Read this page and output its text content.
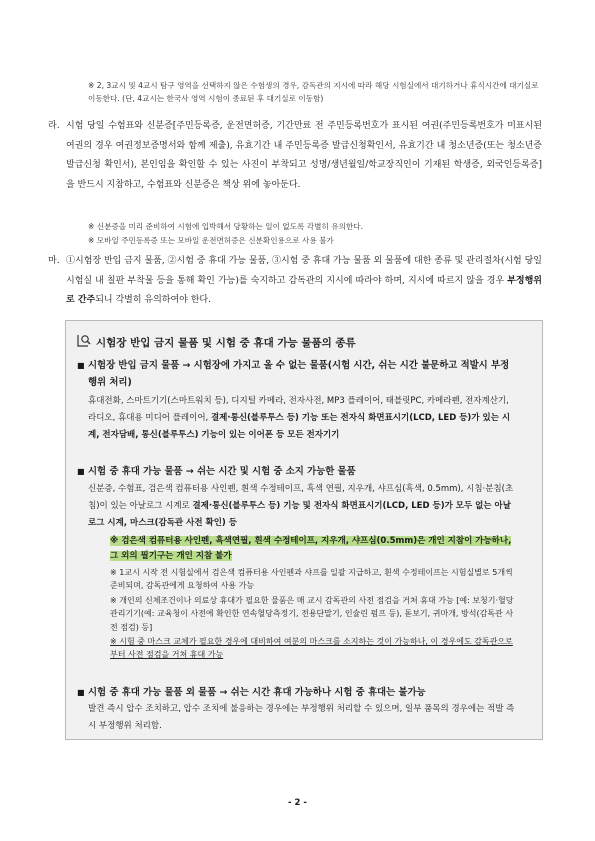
※ 2, 3교시 및 4교시 탐구 영역을 선택하지 않은 수험생의 경우, 감독관의 지시에 따라 해당 시험실에서 대기하거나 휴식시간에 대기실로 이동한다. (단, 4교시는 한국사 영역 시험이 종료된 후 대기실로 이동함)

라. 시험 당일 수험표와 신분증[주민등록증, 운전면허증, 기간만료 전 주민등록번호가 표시된 여권(주민등록번호가 미표시된 여권의 경우 여권정보증명서와 함께 제출), 유효기간 내 주민등록증 발급신청확인서, 유효기간 내 청소년증(또는 청소년증 발급신청 확인서), 본인임을 확인할 수 있는 사진이 부착되고 성명/생년월일/학교장직인이 기재된 학생증, 외국인등록증]을 반드시 지참하고, 수험표와 신분증은 책상 위에 놓아둔다.

※ 신분증을 미리 준비하여 시험에 입박해서 당황하는 일이 없도록 각별히 유의한다.

※ 모바일 주민등록증 또는 모바일 운전면허증은 신분확인용으로 사용 불가

마. ①시험장 반입 금지 물품, ②시험 중 휴대 가능 물품, ③시험 중 휴대 가능 물품 외 물품에 대한 종류 및 관리절차(시험 당일 시험실 내 칠판 부착물 등을 통해 확인 가능)를 숙지하고 감독관의 지시에 따라야 하며, 지시에 따르지 않을 경우 부정행위로 간주되니 각별히 유의하여야 한다.
시험장 반입 금지 물품 및 시험 중 휴대 가능 물품의 종류

■ 시험장 반입 금지 물품 → 시험장에 가지고 올 수 없는 물품(시험 시간, 쉬는 시간 불문하고 적발시 부정행위 처리)

휴대전화, 스마트기기(스마트워치 등), 디지털 카메라, 전자사전, MP3 플레이어, 태블릿PC, 카메라펜, 전자계산기, 라디오, 휴대용 미디어 플레이어, 결제·통신(블루투스 등) 기능 또는 전자식 화면표시기(LCD, LED 등)가 있는 시계, 전자담배, 통신(블루투스) 기능이 있는 이어폰 등 모든 전자기기

■ 시험 중 휴대 가능 물품 → 쉬는 시간 및 시험 중 소지 가능한 물품

신분증, 수험표, 검은색 컴퓨터용 사인펜, 흰색 수정테이프, 흑색 연필, 지우개, 샤프심(흑색, 0.5mm), 시침·분침(초침)이 있는 아날로그 시계로 결제·통신(블루투스 등) 기능 및 전자식 화면표시기(LCD, LED 등)가 모두 없는 아날로그 시계, 마스크(감독관 사전 확인) 등

※ 검은색 컴퓨터용 사인펜, 흑색연필, 흰색 수정테이프, 지우개, 샤프심(0.5mm)은 개인 지참이 가능하나, 그 외의 필기구는 개인 지참 불가

※ 1교시 시작 전 시험실에서 검은색 컴퓨터용 사인펜과 샤프를 일괄 지급하고, 흰색 수정테이프는 시험실별로 5개씩 준비되며, 감독관에게 요청하여 사용 가능

※ 개인의 신체조건이나 의료상 휴대가 필요한 물품은 매 교시 감독관의 사전 점검을 거쳐 휴대 가능 [예: 보청기·혈당관리기기(예: 교육청이 사전에 확인한 연속혈당측정기, 전용단말기, 인슐린 펌프 등), 돋보기, 귀마개, 방석(감독관 사전 점검) 등]

※ 시험 중 마스크 교체가 필요한 경우에 대비하여 여분의 마스크를 소지하는 것이 가능하나, 이 경우에도 감독관으로부터 사전 점검을 거쳐 휴대 가능

■ 시험 중 휴대 가능 물품 외 물품 → 쉬는 시간 휴대 가능하나 시험 중 휴대는 불가능

발견 즉시 압수 조치하고, 압수 조치에 불응하는 경우에는 부정행위 처리할 수 있으며, 일부 품목의 경우에는 적발 즉시 부정행위 처리함.

- 2 -
